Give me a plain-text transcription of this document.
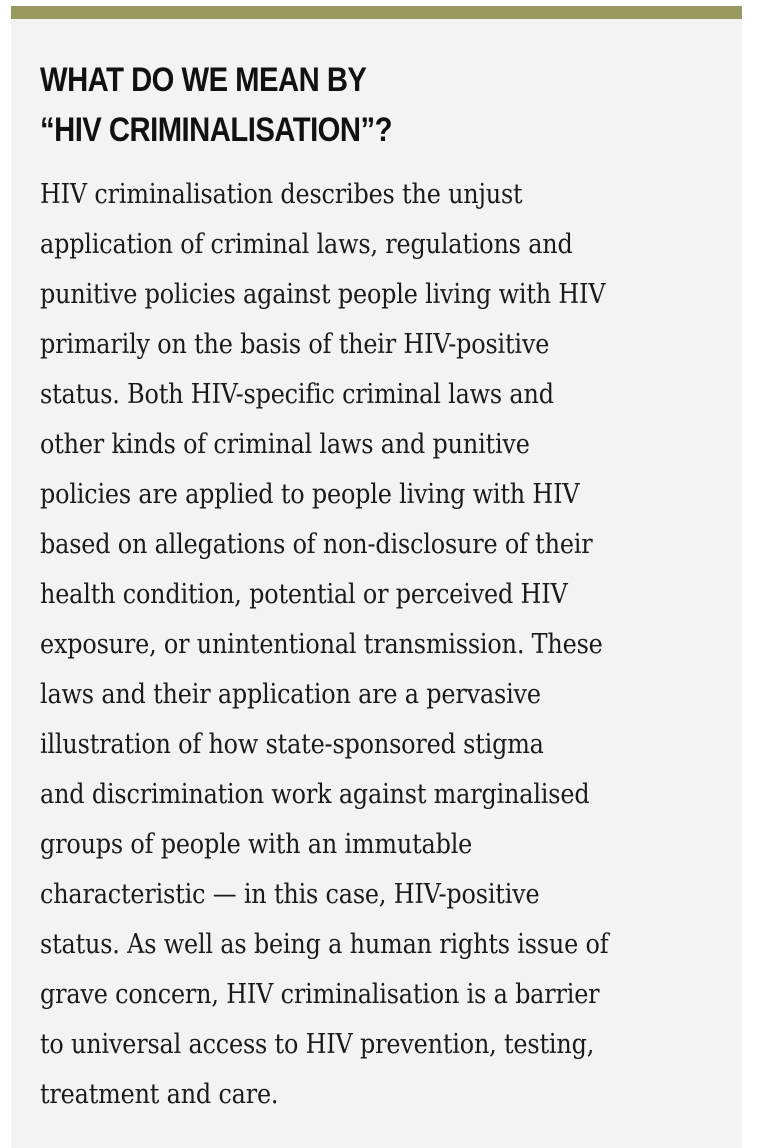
WHAT DO WE MEAN BY
“HIV CRIMINALISATION”?

HIV criminalisation describes the unjust
application of criminal laws, regulations and
punitive policies against people living with HIV
primarily on the basis of their HIV-positive
status. Both HIV-specific criminal laws and
other kinds of criminal laws and punitive
policies are applied to people living with HIV
based on allegations of non-disclosure of their
health condition, potential or perceived HIV
exposure, or unintentional transmission. These
laws and their application are a pervasive
illustration of how state-sponsored stigma
and discrimination work against marginalised
groups of people with an immutable
characteristic — in this case, HIV-positive
status. As well as being a human rights issue of
grave concern, HIV criminalisation is a barrier
to universal access to HIV prevention, testing,
treatment and care.
